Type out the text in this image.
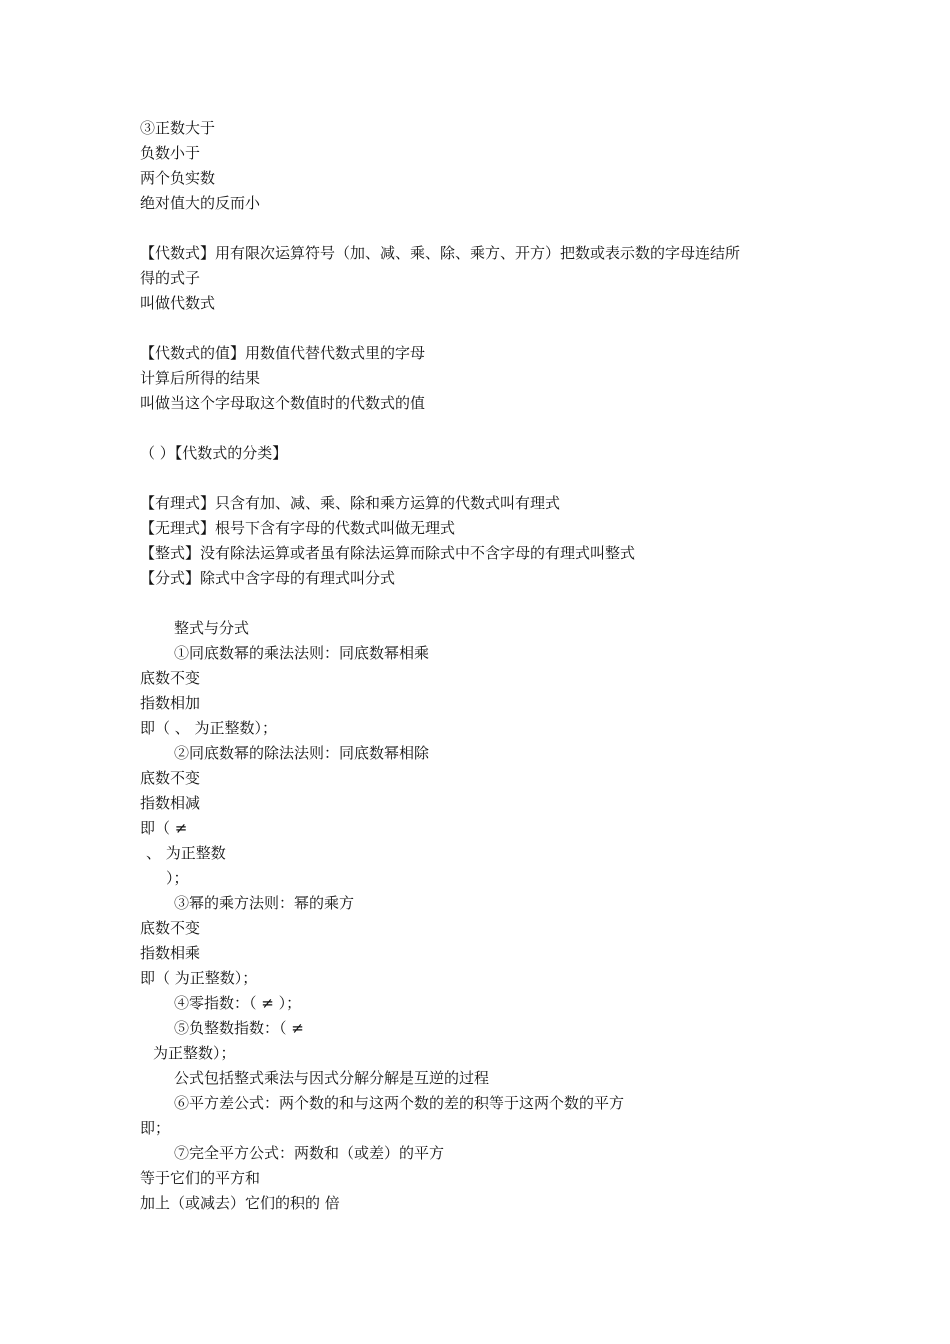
③正数大于
负数小于
两个负实数
绝对值大的反而小
【代数式】用有限次运算符号（加、减、乘、除、乘方、开方）把数或表示数的字母连结所
得的式子
叫做代数式
【代数式的值】用数值代替代数式里的字母
计算后所得的结果
叫做当这个字母取这个数值时的代数式的值
（ ）【代数式的分类】
【有理式】只含有加、减、乘、除和乘方运算的代数式叫有理式
【无理式】根号下含有字母的代数式叫做无理式
【整式】没有除法运算或者虽有除法运算而除式中不含字母的有理式叫整式
【分式】除式中含字母的有理式叫分式
整式与分式
①同底数幂的乘法法则：同底数幂相乘
底数不变
指数相加
即（ 、 为正整数）；
②同底数幂的除法法则：同底数幂相除
底数不变
指数相减
即（ ≠
、 为正整数
）；
③幂的乘方法则：幂的乘方
底数不变
指数相乘
即（ 为正整数）；
④零指数：（ ≠ ）；
⑤负整数指数：（ ≠
为正整数）；
公式包括整式乘法与因式分解分解是互逆的过程
⑥平方差公式：两个数的和与这两个数的差的积等于这两个数的平方
即；
⑦完全平方公式：两数和（或差）的平方
等于它们的平方和
加上（或减去）它们的积的 倍
